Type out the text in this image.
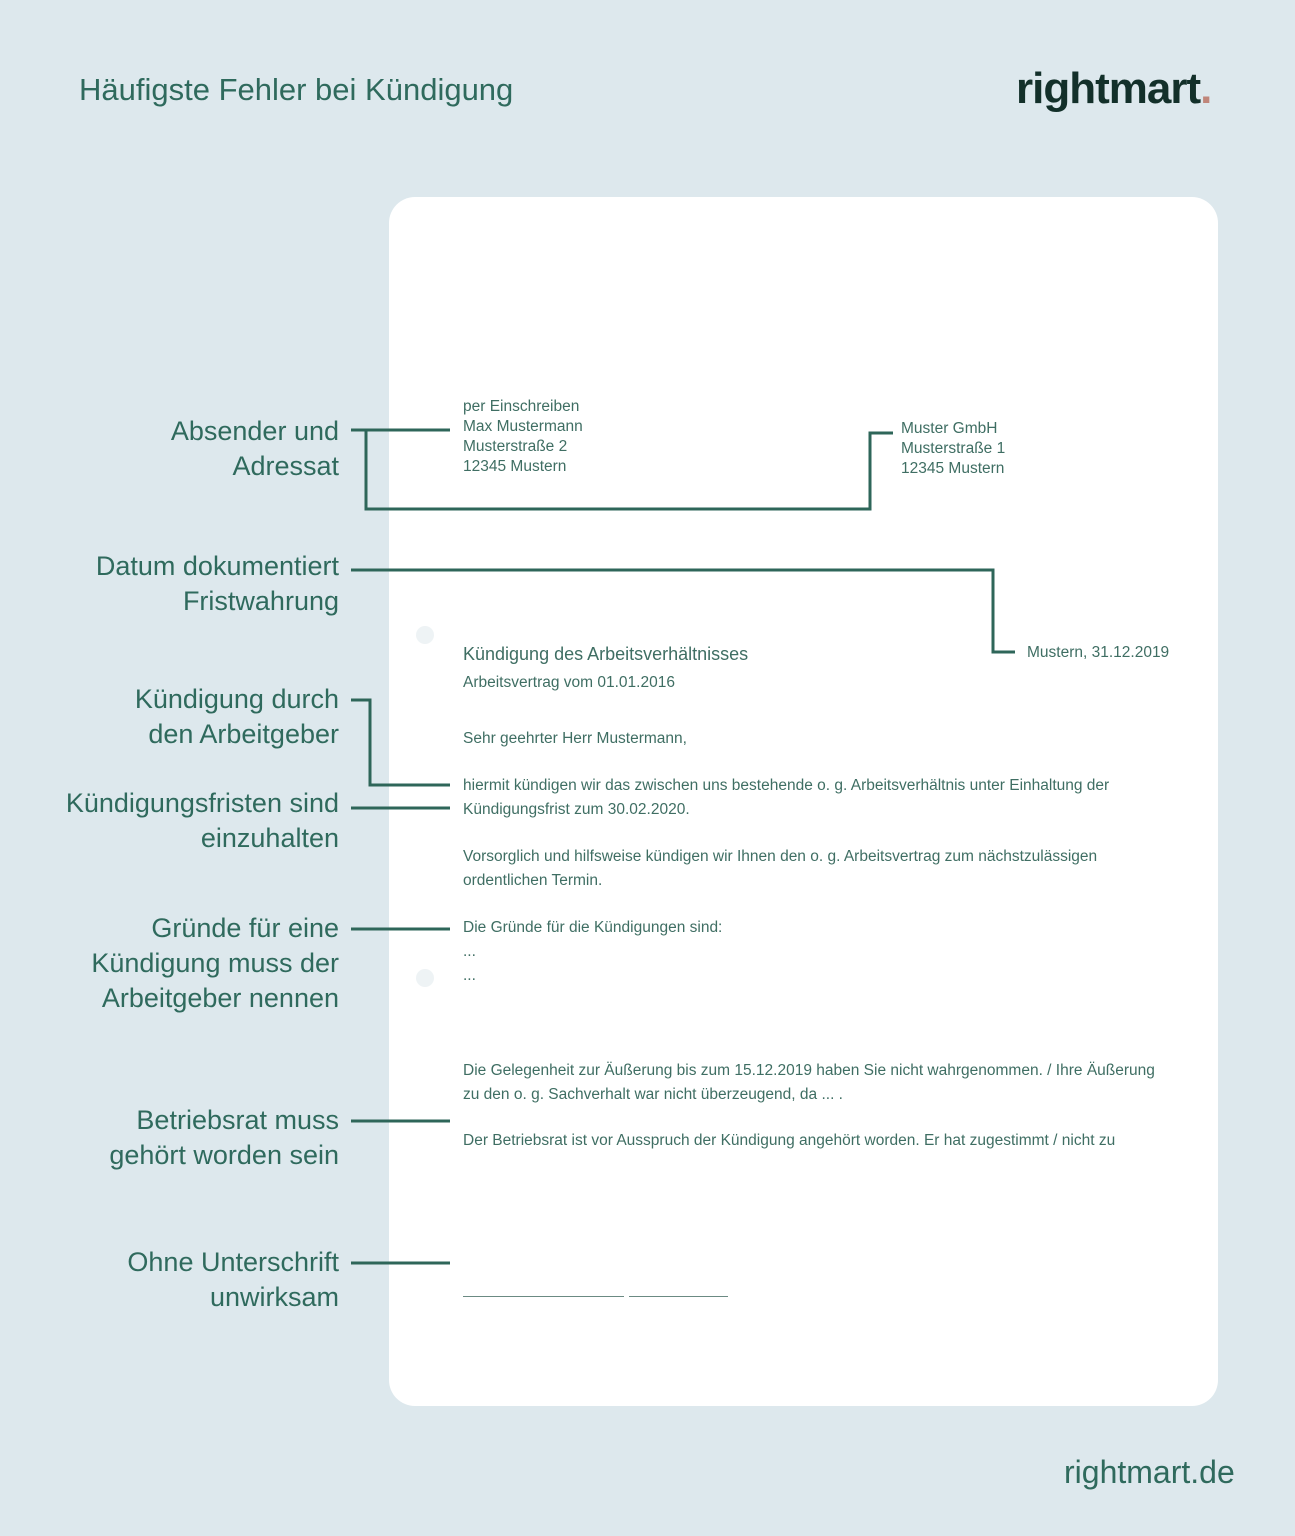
Häufigste Fehler bei Kündigung	rightmart.
Absender und
Adressat
Datum dokumentiert
Fristwahrung
Kündigung durch
den Arbeitgeber
Kündigungsfristen sind
einzuhalten
Gründe für eine
Kündigung muss der
Arbeitgeber nennen
Betriebsrat muss
gehört worden sein
Ohne Unterschrift
unwirksam
per Einschreiben
Max Mustermann
Musterstraße 2
12345 Mustern
Muster GmbH
Musterstraße 1
12345 Mustern
Mustern, 31.12.2019
Kündigung des Arbeitsverhältnisses
Arbeitsvertrag vom 01.01.2016
Sehr geehrter Herr Mustermann,
hiermit kündigen wir das zwischen uns bestehende o. g. Arbeitsverhältnis unter Einhaltung der Kündigungsfrist zum 30.02.2020.
Vorsorglich und hilfsweise kündigen wir Ihnen den o. g. Arbeitsvertrag zum nächstzulässigen ordentlichen Termin.
Die Gründe für die Kündigungen sind:
...
...
Die Gelegenheit zur Äußerung bis zum 15.12.2019 haben Sie nicht wahrgenommen. / Ihre Äußerung zu den o. g. Sachverhalt war nicht überzeugend, da ... .
Der Betriebsrat ist vor Ausspruch der Kündigung angehört worden. Er hat zugestimmt / nicht zu
rightmart.de
